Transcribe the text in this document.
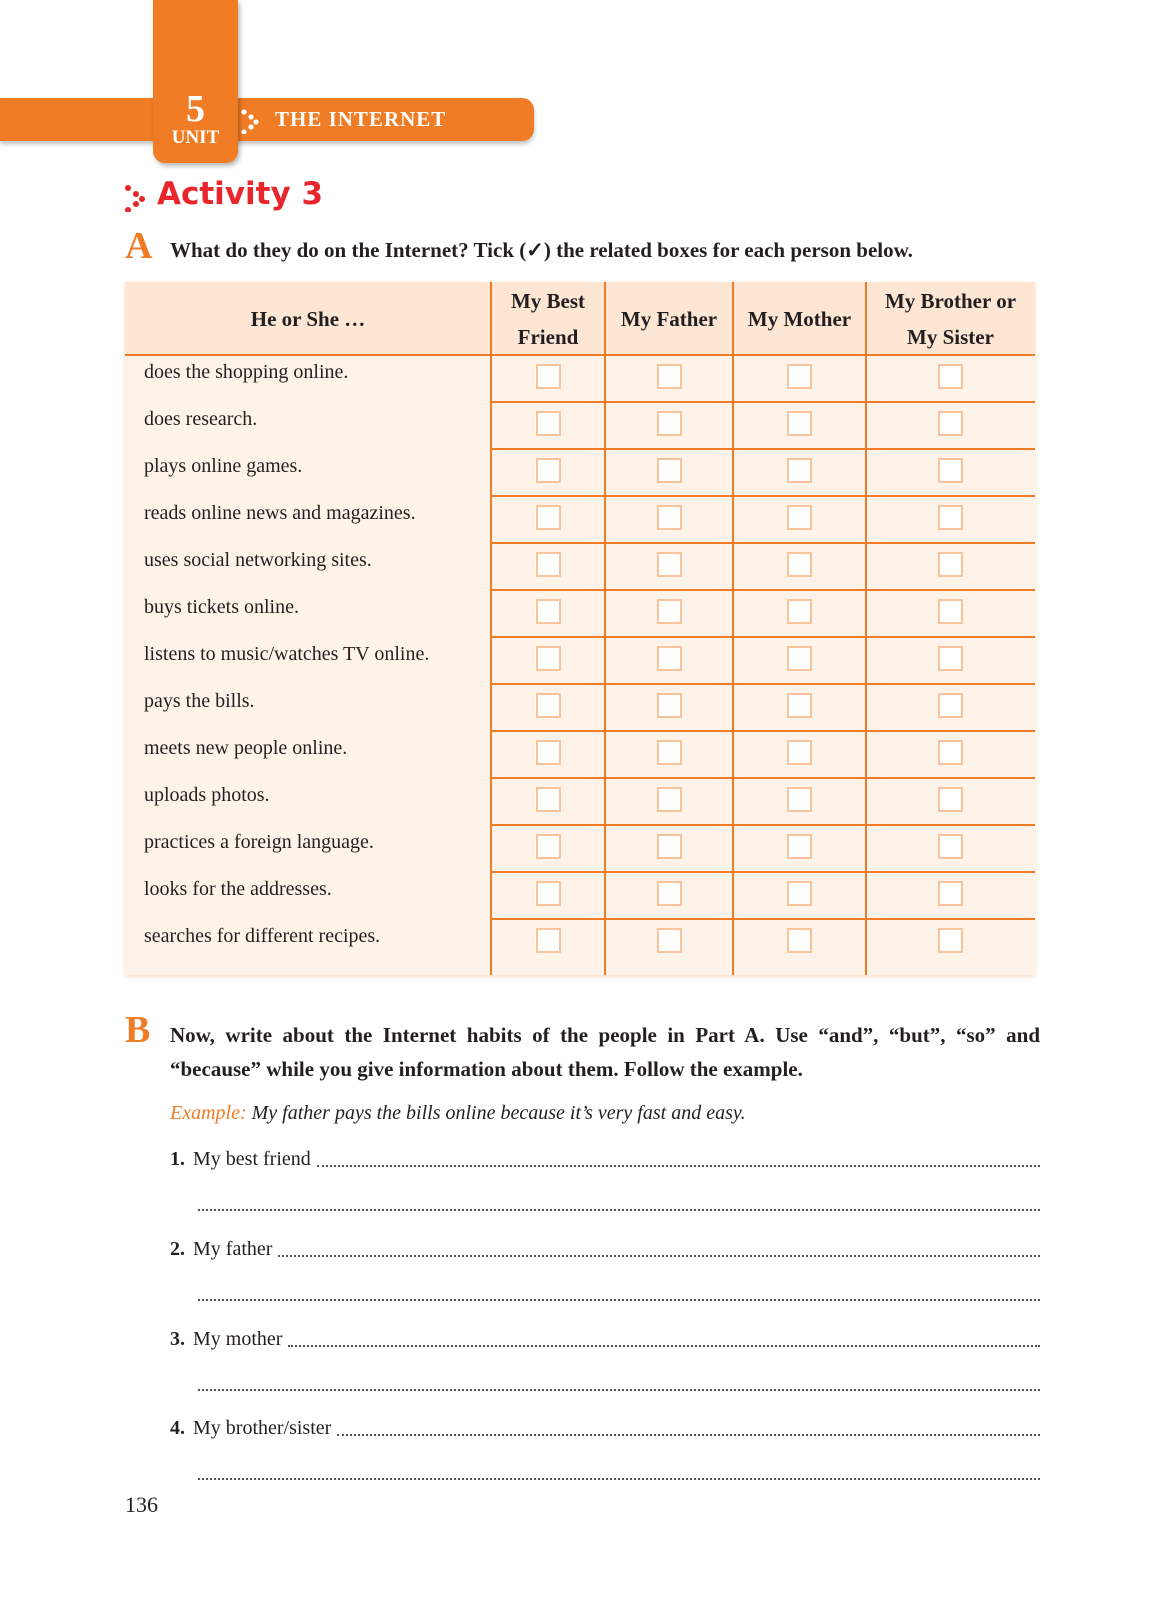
5
UNIT
THE INTERNET
Activity 3
A What do they do on the Internet? Tick (✓) the related boxes for each person below.
He or She …
My Best
Friend
My Father My Mother
My Brother or
My Sister
does the shopping online.
does research.
plays online games.
reads online news and magazines.
uses social networking sites.
buys tickets online.
listens to music/watches TV online.
pays the bills.
meets new people online.
uploads photos.
practices a foreign language.
looks for the addresses.
searches for different recipes.
B Now, write about the Internet habits of the people in Part A. Use “and”, “but”, “so” and
“because” while you give information about them. Follow the example.
Example: My father pays the bills online because it’s very fast and easy.
1. My best friend
2. My father
3. My mother
4. My brother/sister
136
